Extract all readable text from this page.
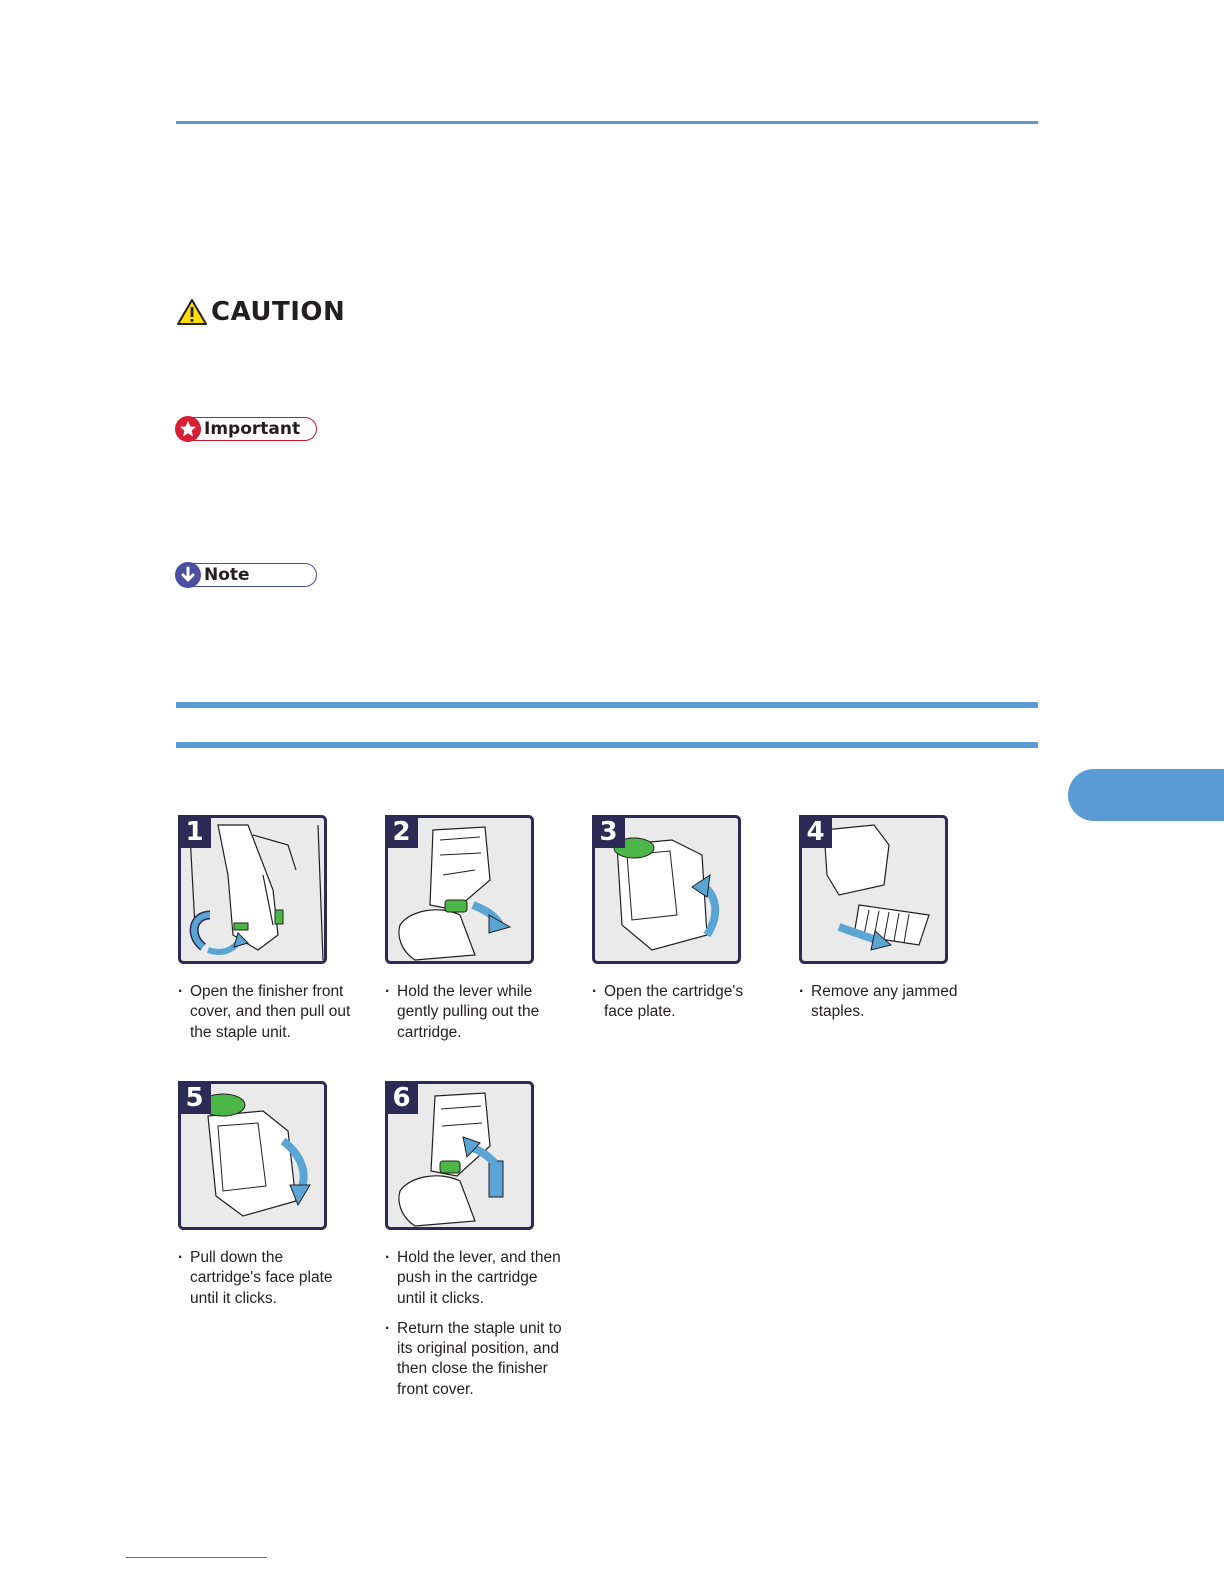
CAUTION
Important
Note
1

· Open the finisher front cover, and then pull out the staple unit.

2

· Hold the lever while gently pulling out the cartridge.

3

· Open the cartridge's face plate.

4

· Remove any jammed staples.

5

· Pull down the cartridge's face plate until it clicks.

6

· Hold the lever, and then push in the cartridge until it clicks.

· Return the staple unit to its original position, and then close the finisher front cover.
